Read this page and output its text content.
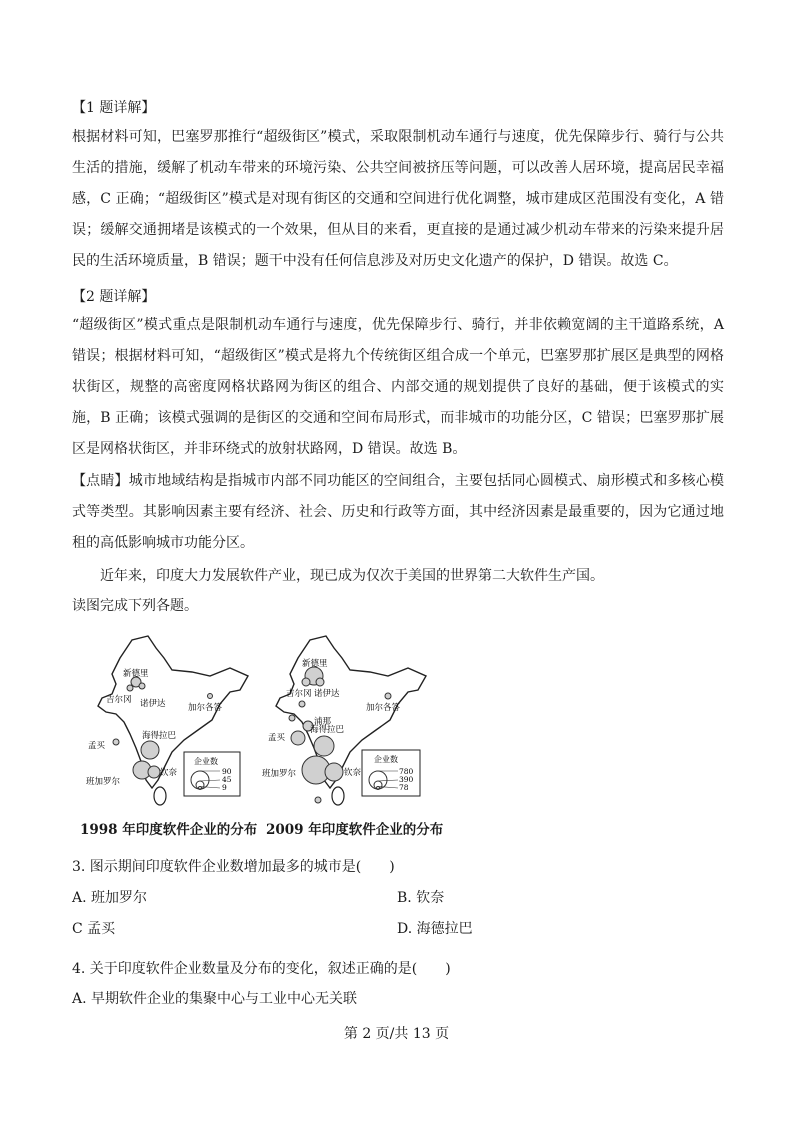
【1 题详解】

根据材料可知，巴塞罗那推行“超级街区”模式，采取限制机动车通行与速度，优先保障步行、骑行与公共生活的措施，缓解了机动车带来的环境污染、公共空间被挤压等问题，可以改善人居环境，提高居民幸福感，C 正确；“超级街区”模式是对现有街区的交通和空间进行优化调整，城市建成区范围没有变化，A 错误；缓解交通拥堵是该模式的一个效果，但从目的来看，更直接的是通过减少机动车带来的污染来提升居民的生活环境质量，B 错误；题干中没有任何信息涉及对历史文化遗产的保护，D 错误。故选 C。

【2 题详解】

“超级街区”模式重点是限制机动车通行与速度，优先保障步行、骑行，并非依赖宽阔的主干道路系统，A 错误；根据材料可知，“超级街区”模式是将九个传统街区组合成一个单元，巴塞罗那扩展区是典型的网格状街区，规整的高密度网格状路网为街区的组合、内部交通的规划提供了良好的基础，便于该模式的实施，B 正确；该模式强调的是街区的交通和空间布局形式，而非城市的功能分区，C 错误；巴塞罗那扩展区是网格状街区，并非环绕式的放射状路网，D 错误。故选 B。

【点睛】城市地域结构是指城市内部不同功能区的空间组合，主要包括同心圆模式、扇形模式和多核心模式等类型。其影响因素主要有经济、社会、历史和行政等方面，其中经济因素是最重要的，因为它通过地租的高低影响城市功能分区。

近年来，印度大力发展软件产业，现已成为仅次于美国的世界第二大软件生产国。
读图完成下列各题。
新德里
吉尔冈 诺伊达	加尔各答
孟买
海得拉巴
班加罗尔
钦奈
企业数
90
45
9
1998 年印度软件企业的分布
新德里
吉尔冈 诺伊达
加尔各答
孟买
浦那
海得拉巴
班加罗尔	钦奈
企业数
780
390
78
2009 年印度软件企业的分布
3. 图示期间印度软件企业数增加最多的城市是(　　)
A. 班加罗尔	B. 钦奈
C 孟买	D. 海德拉巴
4. 关于印度软件企业数量及分布的变化，叙述正确的是(　　)
A. 早期软件企业的集聚中心与工业中心无关联
第 2 页/共 13 页
